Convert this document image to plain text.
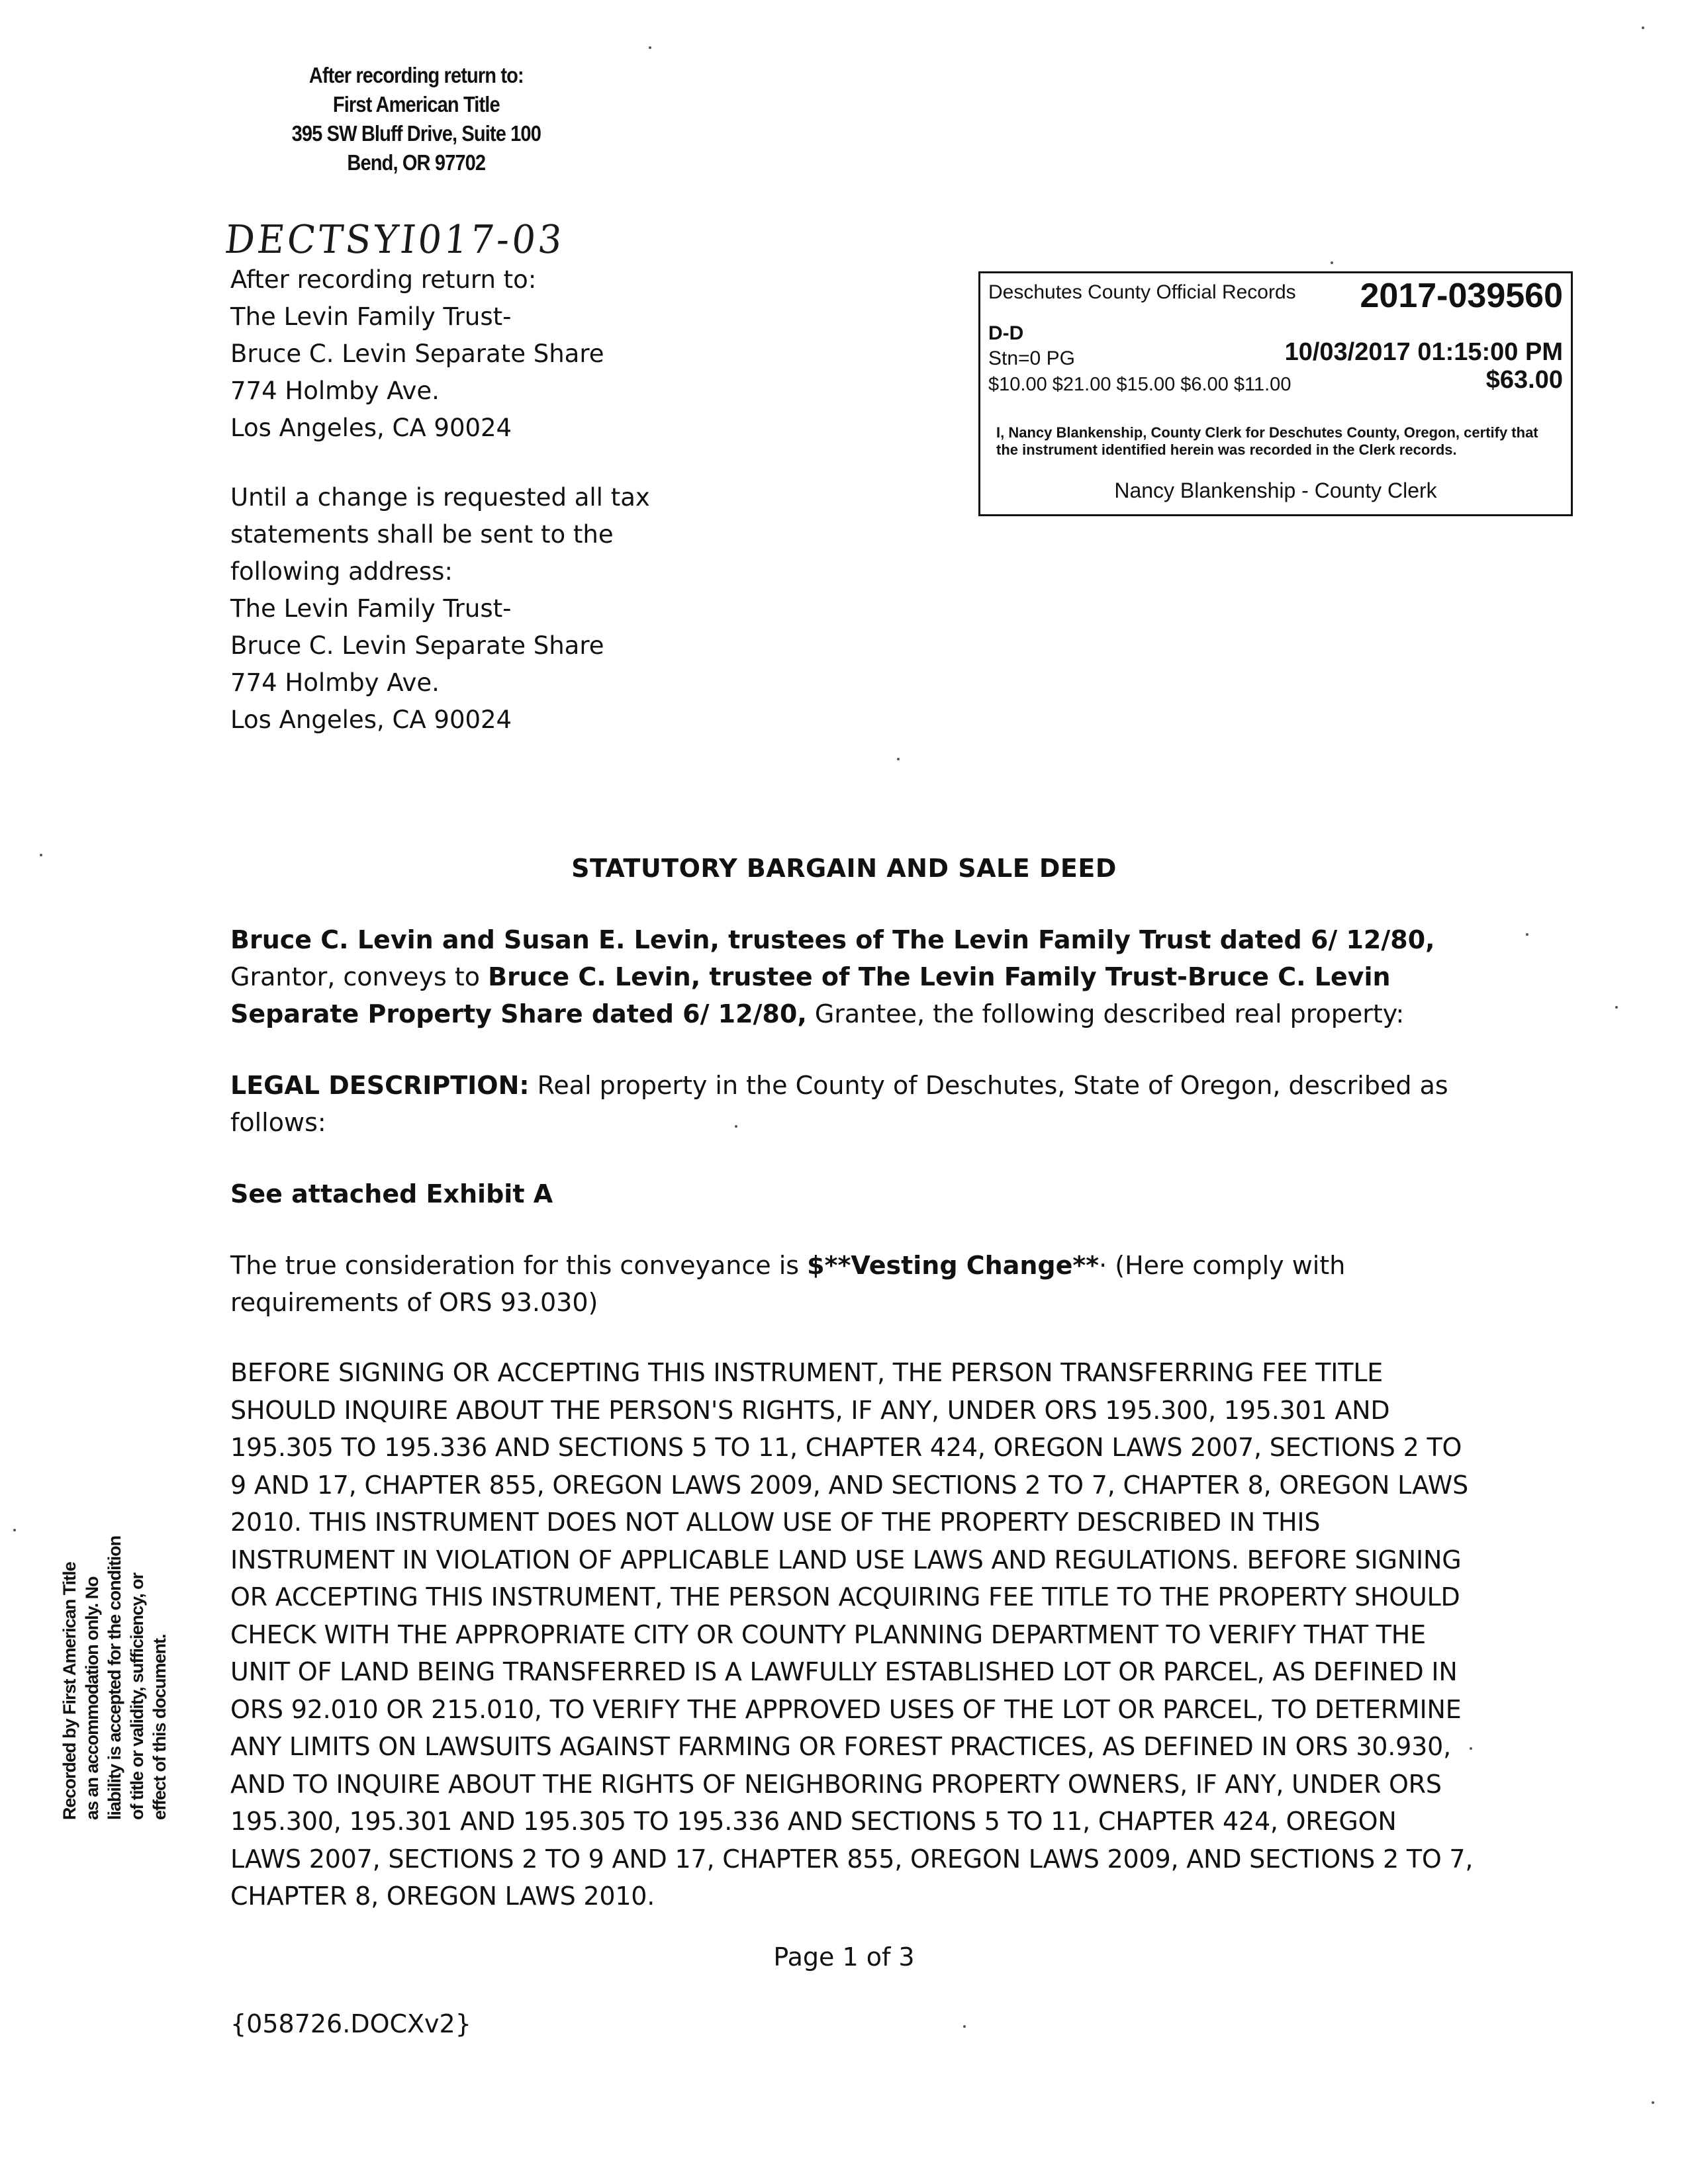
After recording return to:
First American Title
395 SW Bluff Drive, Suite 100
Bend, OR 97702
DECTSYI017-03
After recording return to:
The Levin Family Trust-
Bruce C. Levin Separate Share
774 Holmby Ave.
Los Angeles, CA 90024
Until a change is requested all tax
statements shall be sent to the
following address:
The Levin Family Trust-
Bruce C. Levin Separate Share
774 Holmby Ave.
Los Angeles, CA 90024
Deschutes County Official Records 2017-039560
D-D
Stn=0 PG	10/03/2017 01:15:00 PM
$10.00 $21.00 $15.00 $6.00 $11.00	$63.00
I, Nancy Blankenship, County Clerk for Deschutes County, Oregon, certify that the instrument identified herein was recorded in the Clerk records.
Nancy Blankenship - County Clerk
STATUTORY BARGAIN AND SALE DEED
Bruce C. Levin and Susan E. Levin, trustees of The Levin Family Trust dated 6/ 12/80, Grantor, conveys to Bruce C. Levin, trustee of The Levin Family Trust-Bruce C. Levin Separate Property Share dated 6/ 12/80, Grantee, the following described real property:
LEGAL DESCRIPTION: Real property in the County of Deschutes, State of Oregon, described as follows:
See attached Exhibit A
The true consideration for this conveyance is $**Vesting Change**· (Here comply with requirements of ORS 93.030)
BEFORE SIGNING OR ACCEPTING THIS INSTRUMENT, THE PERSON TRANSFERRING FEE TITLE SHOULD INQUIRE ABOUT THE PERSON'S RIGHTS, IF ANY, UNDER ORS 195.300, 195.301 AND 195.305 TO 195.336 AND SECTIONS 5 TO 11, CHAPTER 424, OREGON LAWS 2007, SECTIONS 2 TO 9 AND 17, CHAPTER 855, OREGON LAWS 2009, AND SECTIONS 2 TO 7, CHAPTER 8, OREGON LAWS 2010. THIS INSTRUMENT DOES NOT ALLOW USE OF THE PROPERTY DESCRIBED IN THIS INSTRUMENT IN VIOLATION OF APPLICABLE LAND USE LAWS AND REGULATIONS. BEFORE SIGNING OR ACCEPTING THIS INSTRUMENT, THE PERSON ACQUIRING FEE TITLE TO THE PROPERTY SHOULD CHECK WITH THE APPROPRIATE CITY OR COUNTY PLANNING DEPARTMENT TO VERIFY THAT THE UNIT OF LAND BEING TRANSFERRED IS A LAWFULLY ESTABLISHED LOT OR PARCEL, AS DEFINED IN ORS 92.010 OR 215.010, TO VERIFY THE APPROVED USES OF THE LOT OR PARCEL, TO DETERMINE ANY LIMITS ON LAWSUITS AGAINST FARMING OR FOREST PRACTICES, AS DEFINED IN ORS 30.930, AND TO INQUIRE ABOUT THE RIGHTS OF NEIGHBORING PROPERTY OWNERS, IF ANY, UNDER ORS 195.300, 195.301 AND 195.305 TO 195.336 AND SECTIONS 5 TO 11, CHAPTER 424, OREGON LAWS 2007, SECTIONS 2 TO 9 AND 17, CHAPTER 855, OREGON LAWS 2009, AND SECTIONS 2 TO 7, CHAPTER 8, OREGON LAWS 2010.
Recorded by First American Title as an accommodation only. No liability is accepted for the condition of title or validity, sufficiency, or effect of this document.
Page 1 of 3
{058726.DOCXv2}
